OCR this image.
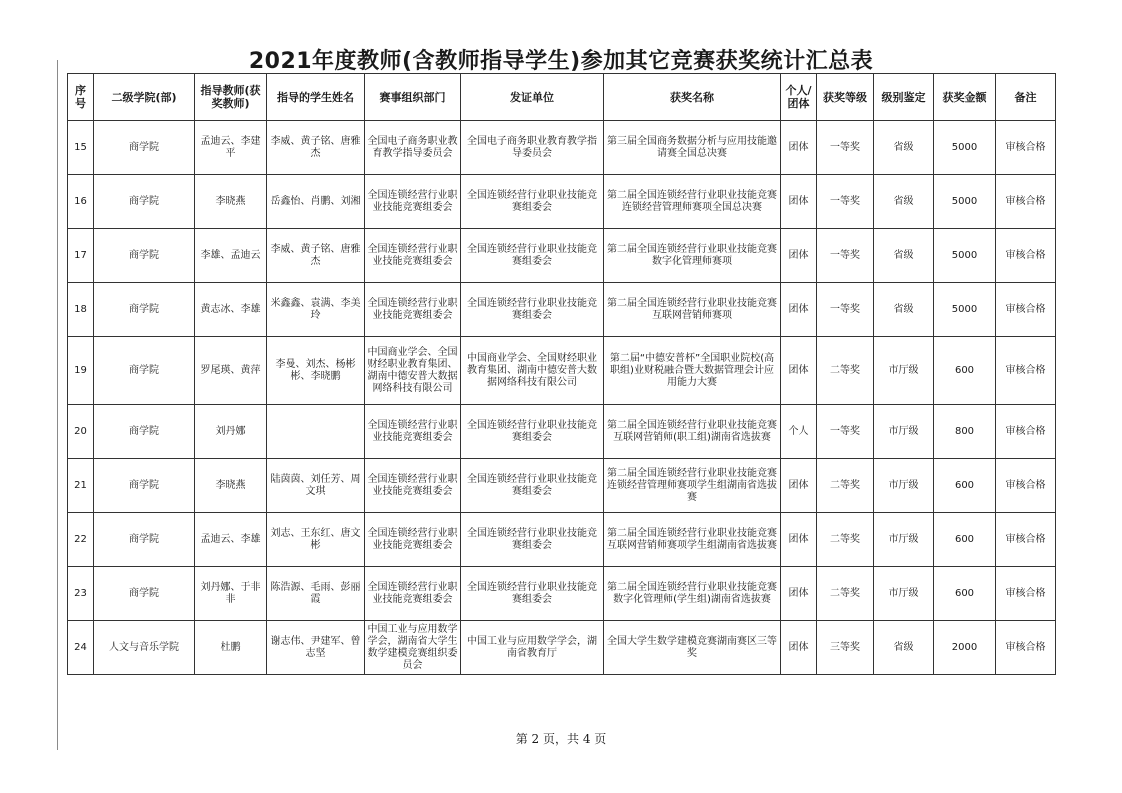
2021年度教师(含教师指导学生)参加其它竞赛获奖统计汇总表
序号	二级学院(部)	指导教师(获奖教师)	指导的学生姓名	赛事组织部门	发证单位	获奖名称	个人/团体	获奖等级	级别鉴定	获奖金额	备注
15	商学院	孟迪云、李建平	李威、黄子铭、唐雅杰	全国电子商务职业教育教学指导委员会	全国电子商务职业教育教学指导委员会	第三届全国商务数据分析与应用技能邀请赛全国总决赛	团体	一等奖	省级	5000	审核合格
16	商学院	李晓燕	岳鑫怡、肖鹏、刘湘	全国连锁经营行业职业技能竞赛组委会	全国连锁经营行业职业技能竞赛组委会	第二届全国连锁经营行业职业技能竞赛连锁经营管理师赛项全国总决赛	团体	一等奖	省级	5000	审核合格
17	商学院	李雄、孟迪云	李威、黄子铭、唐雅杰	全国连锁经营行业职业技能竞赛组委会	全国连锁经营行业职业技能竞赛组委会	第二届全国连锁经营行业职业技能竞赛数字化管理师赛项	团体	一等奖	省级	5000	审核合格
18	商学院	黄志冰、李雄	米鑫鑫、袁满、李美玲	全国连锁经营行业职业技能竞赛组委会	全国连锁经营行业职业技能竞赛组委会	第二届全国连锁经营行业职业技能竞赛互联网营销师赛项	团体	一等奖	省级	5000	审核合格
19	商学院	罗尾瑛、黄萍	李曼、刘杰、杨彬彬、李晓鹏	中国商业学会、全国财经职业教育集团、湖南中德安普大数据网络科技有限公司	中国商业学会、全国财经职业教育集团、湖南中德安普大数据网络科技有限公司	第二届“中德安普杯”全国职业院校(高职组)业财税融合暨大数据管理会计应用能力大赛	团体	二等奖	市厅级	600	审核合格
20	商学院	刘丹娜		全国连锁经营行业职业技能竞赛组委会	全国连锁经营行业职业技能竞赛组委会	第二届全国连锁经营行业职业技能竞赛互联网营销师(职工组)湖南省选拔赛	个人	一等奖	市厅级	800	审核合格
21	商学院	李晓燕	陆茵茵、刘任芳、周文琪	全国连锁经营行业职业技能竞赛组委会	全国连锁经营行业职业技能竞赛组委会	第二届全国连锁经营行业职业技能竞赛连锁经营管理师赛项学生组湖南省选拔赛	团体	二等奖	市厅级	600	审核合格
22	商学院	孟迪云、李雄	刘志、王东红、唐文彬	全国连锁经营行业职业技能竞赛组委会	全国连锁经营行业职业技能竞赛组委会	第二届全国连锁经营行业职业技能竞赛互联网营销师赛项学生组湖南省选拔赛	团体	二等奖	市厅级	600	审核合格
23	商学院	刘丹娜、于非非	陈浩源、毛雨、彭丽霞	全国连锁经营行业职业技能竞赛组委会	全国连锁经营行业职业技能竞赛组委会	第二届全国连锁经营行业职业技能竞赛数字化管理师(学生组)湖南省选拔赛	团体	二等奖	市厅级	600	审核合格
24	人文与音乐学院	杜鹏	谢志伟、尹建军、曾志坚	中国工业与应用数学学会，湖南省大学生数学建模竞赛组织委员会	中国工业与应用数学学会，湖南省教育厅	全国大学生数学建模竞赛湖南赛区三等奖	团体	三等奖	省级	2000	审核合格
第 2 页，共 4 页
